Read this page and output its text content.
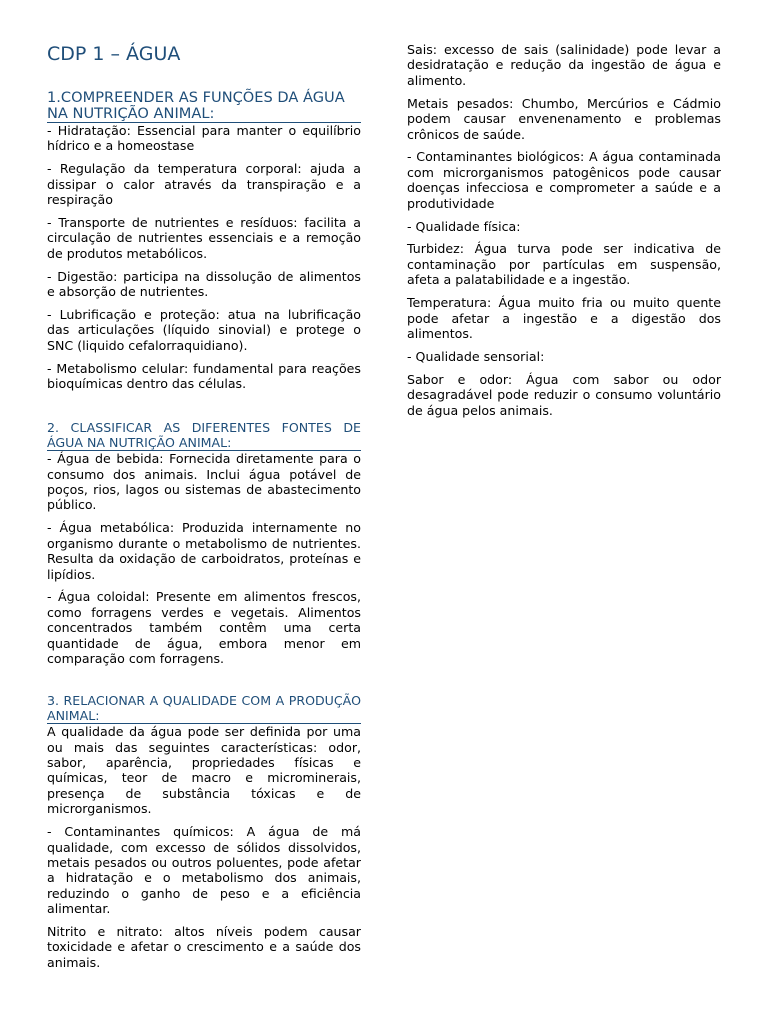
CDP 1 – ÁGUA
1.COMPREENDER AS FUNÇÕES DA ÁGUA NA NUTRIÇÃO ANIMAL:

- Hidratação: Essencial para manter o equilíbrio hídrico e a homeostase

- Regulação da temperatura corporal: ajuda a dissipar o calor através da transpiração e a respiração

- Transporte de nutrientes e resíduos: facilita a circulação de nutrientes essenciais e a remoção de produtos metabólicos.

- Digestão: participa na dissolução de alimentos e absorção de nutrientes.

- Lubrificação e proteção: atua na lubrificação das articulações (líquido sinovial) e protege o SNC (liquido cefalorraquidiano).

- Metabolismo celular: fundamental para reações bioquímicas dentro das células.

2. CLASSIFICAR AS DIFERENTES FONTES DE ÁGUA NA NUTRIÇÃO ANIMAL:

- Água de bebida: Fornecida diretamente para o consumo dos animais. Inclui água potável de poços, rios, lagos ou sistemas de abastecimento público.

- Água metabólica: Produzida internamente no organismo durante o metabolismo de nutrientes. Resulta da oxidação de carboidratos, proteínas e lipídios.

- Água coloidal: Presente em alimentos frescos, como forragens verdes e vegetais. Alimentos concentrados também contêm uma certa quantidade de água, embora menor em comparação com forragens.

3. RELACIONAR A QUALIDADE COM A PRODUÇÃO ANIMAL:

A qualidade da água pode ser definida por uma ou mais das seguintes características: odor, sabor, aparência, propriedades físicas e químicas, teor de macro e microminerais, presença de substância tóxicas e de microrganismos.

- Contaminantes químicos: A água de má qualidade, com excesso de sólidos dissolvidos, metais pesados ou outros poluentes, pode afetar a hidratação e o metabolismo dos animais, reduzindo o ganho de peso e a eficiência alimentar.

Nitrito e nitrato: altos níveis podem causar toxicidade e afetar o crescimento e a saúde dos animais.

Sais: excesso de sais (salinidade) pode levar a desidratação e redução da ingestão de água e alimento.

Metais pesados: Chumbo, Mercúrios e Cádmio podem causar envenenamento e problemas crônicos de saúde.

- Contaminantes biológicos: A água contaminada com microrganismos patogênicos pode causar doenças infecciosa e comprometer a saúde e a produtividade

- Qualidade física:

Turbidez: Água turva pode ser indicativa de contaminação por partículas em suspensão, afeta a palatabilidade e a ingestão.

Temperatura: Água muito fria ou muito quente pode afetar a ingestão e a digestão dos alimentos.

- Qualidade sensorial:

Sabor e odor: Água com sabor ou odor desagradável pode reduzir o consumo voluntário de água pelos animais.
